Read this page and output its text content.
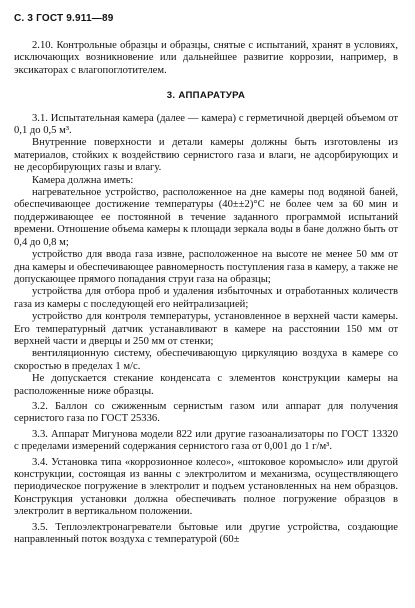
С. 3 ГОСТ 9.911—89

2.10. Контрольные образцы и образцы, снятые с испытаний, хранят в условиях, исключающих возникновение или дальнейшее развитие коррозии, например, в эксикаторах с влагопоглотителем.

3. АППАРАТУРА

3.1. Испытательная камера (далее — камера) с герметичной дверцей объемом от 0,1 до 0,5 м³.

Внутренние поверхности и детали камеры должны быть изготовлены из материалов, стойких к воздействию сернистого газа и влаги, не адсорбирующих и не десорбирующих газы и влагу.

Камера должна иметь:

нагревательное устройство, расположенное на дне камеры под водяной баней, обеспечивающее достижение температуры (40±±2)°С не более чем за 60 мин и поддерживающее ее постоянной в течение заданного программой испытаний времени. Отношение объема камеры к площади зеркала воды в бане должно быть от 0,4 до 0,8 м;

устройство для ввода газа извне, расположенное на высоте не менее 50 мм от дна камеры и обеспечивающее равномерность поступления газа в камеру, а также не допускающее прямого попадания струи газа на образцы;

устройства для отбора проб и удаления избыточных и отработанных количеств газа из камеры с последующей его нейтрализацией;

устройство для контроля температуры, установленное в верхней части камеры. Его температурный датчик устанавливают в камере на расстоянии 150 мм от верхней части и дверцы и 250 мм от стенки;

вентиляционную систему, обеспечивающую циркуляцию воздуха в камере со скоростью в пределах 1 м/с.

Не допускается стекание конденсата с элементов конструкции камеры на расположенные ниже образцы.

3.2. Баллон со сжиженным сернистым газом или аппарат для получения сернистого газа по ГОСТ 25336.

3.3. Аппарат Мигунова модели 822 или другие газоанализаторы по ГОСТ 13320 с пределами измерений содержания сернистого газа от 0,001 до 1 г/м³.

3.4. Установка типа «коррозионное колесо», «штоковое коромысло» или другой конструкции, состоящая из ванны с электролитом и механизма, осуществляющего периодическое погружение в электролит и подъем установленных на нем образцов. Конструкция установки должна обеспечивать полное погружение образцов в электролит в вертикальном положении.

3.5. Теплоэлектронагреватели бытовые или другие устройства, создающие направленный поток воздуха с температурой (60±
